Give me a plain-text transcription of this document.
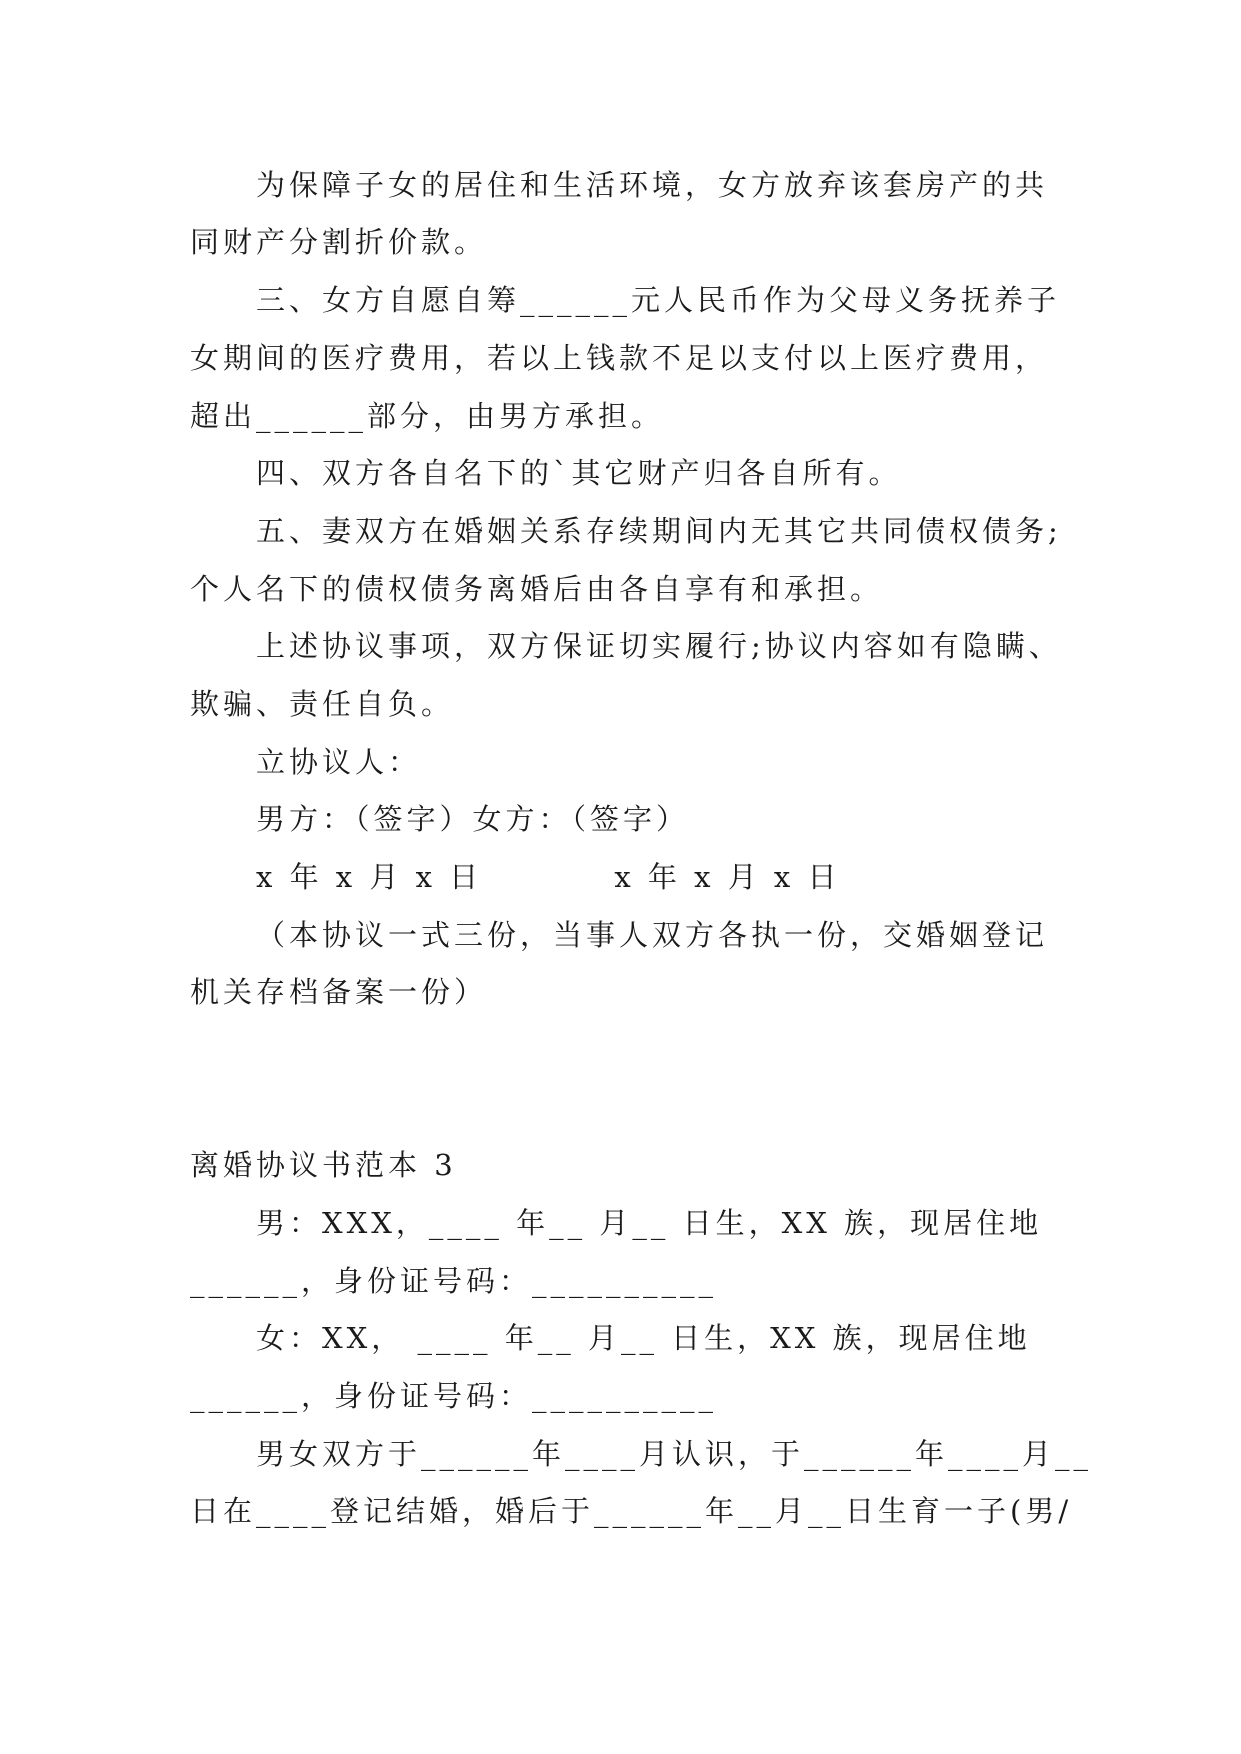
为保障子女的居住和生活环境，女方放弃该套房产的共
同财产分割折价款。
三、女方自愿自筹______元人民币作为父母义务抚养子
女期间的医疗费用，若以上钱款不足以支付以上医疗费用，
超出______部分，由男方承担。
四、双方各自名下的`其它财产归各自所有。
五、妻双方在婚姻关系存续期间内无其它共同债权债务;
个人名下的债权债务离婚后由各自享有和承担。
上述协议事项，双方保证切实履行;协议内容如有隐瞒、
欺骗、责任自负。
立协议人：
男方：（签字）女方：（签字）
x 年 x 月 x 日          x 年 x 月 x 日
（本协议一式三份，当事人双方各执一份，交婚姻登记
机关存档备案一份）
离婚协议书范本 3
男：XXX，____ 年__ 月__ 日生，XX 族，现居住地
______，身份证号码：__________
女：XX， ____ 年__ 月__ 日生，XX 族，现居住地
______，身份证号码：__________
男女双方于______年____月认识，于______年____月__
日在____登记结婚，婚后于______年__月__日生育一子(男/
